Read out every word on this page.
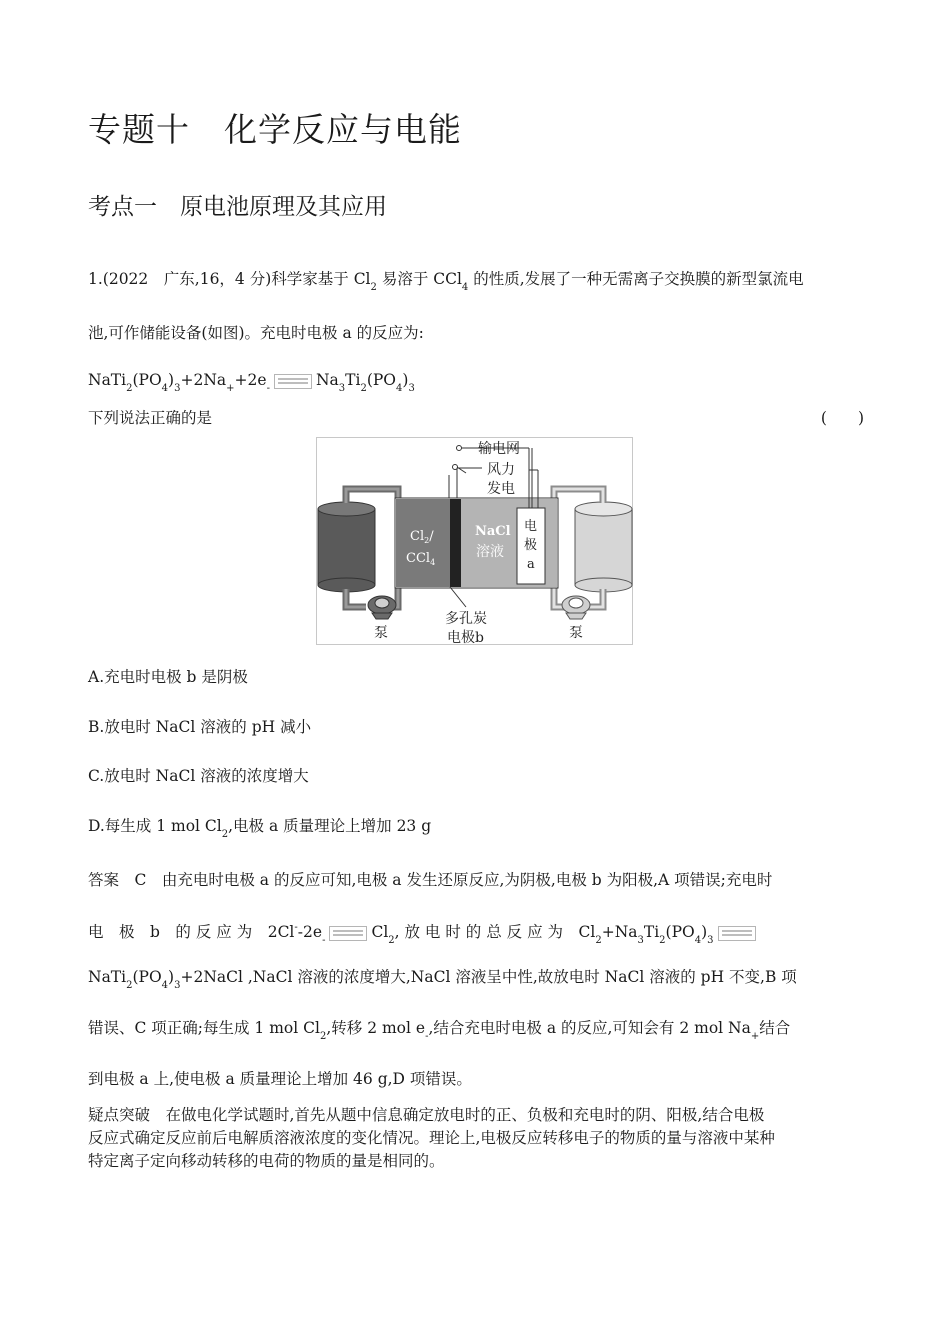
专题十　化学反应与电能
考点一　原电池原理及其应用
1.(2022　广东,16，4 分)科学家基于 $Cl_2$ 易溶于 CCl$_4$ 的性质,发展了一种无需离子交换膜的新型氯流电
池,可作储能设备(如图)。充电时电极 a 的反应为:
$NaTi_2(PO_4)_3+2Na_++2e_-$	$Na_3Ti_2(PO_4)_3$
下列说法正确的是	(　　)
输电网
风力
发电
$Cl_2/$
CCl$_4$
NaCl
溶液
电
极
a
泵	泵
多孔炭
电极b
A.充电时电极 b 是阴极
B.放电时 NaCl 溶液的 pH 减小
C.放电时 NaCl 溶液的浓度增大
D.每生成 1 mol $Cl_2$,电极 a 质量理论上增加 23 g
答案　C　由充电时电极 a 的反应可知,电极 a 发生还原反应,为阴极,电极 b 为阳极,A 项错误;充电时
电　极　b　的 反 应 为　$2Cl^--2e_-$	$Cl_2$, 放 电 时 的 总 反 应 为　$Cl_2+Na_3Ti_2(PO_4)_3$
$NaTi_2(PO_4)_3+2NaCl$ ,NaCl 溶液的浓度增大,NaCl 溶液呈中性,故放电时 NaCl 溶液的 pH 不变,B 项
错误、C 项正确;每生成 1 mol $Cl_2$,转移 2 mol $e_-$,结合充电时电极 a 的反应,可知会有 2 mol $Na_+$结合
到电极 a 上,使电极 a 质量理论上增加 46 g,D 项错误。
疑点突破　在做电化学试题时,首先从题中信息确定放电时的正、负极和充电时的阴、阳极,结合电极
反应式确定反应前后电解质溶液浓度的变化情况。理论上,电极反应转移电子的物质的量与溶液中某种
特定离子定向移动转移的电荷的物质的量是相同的。
